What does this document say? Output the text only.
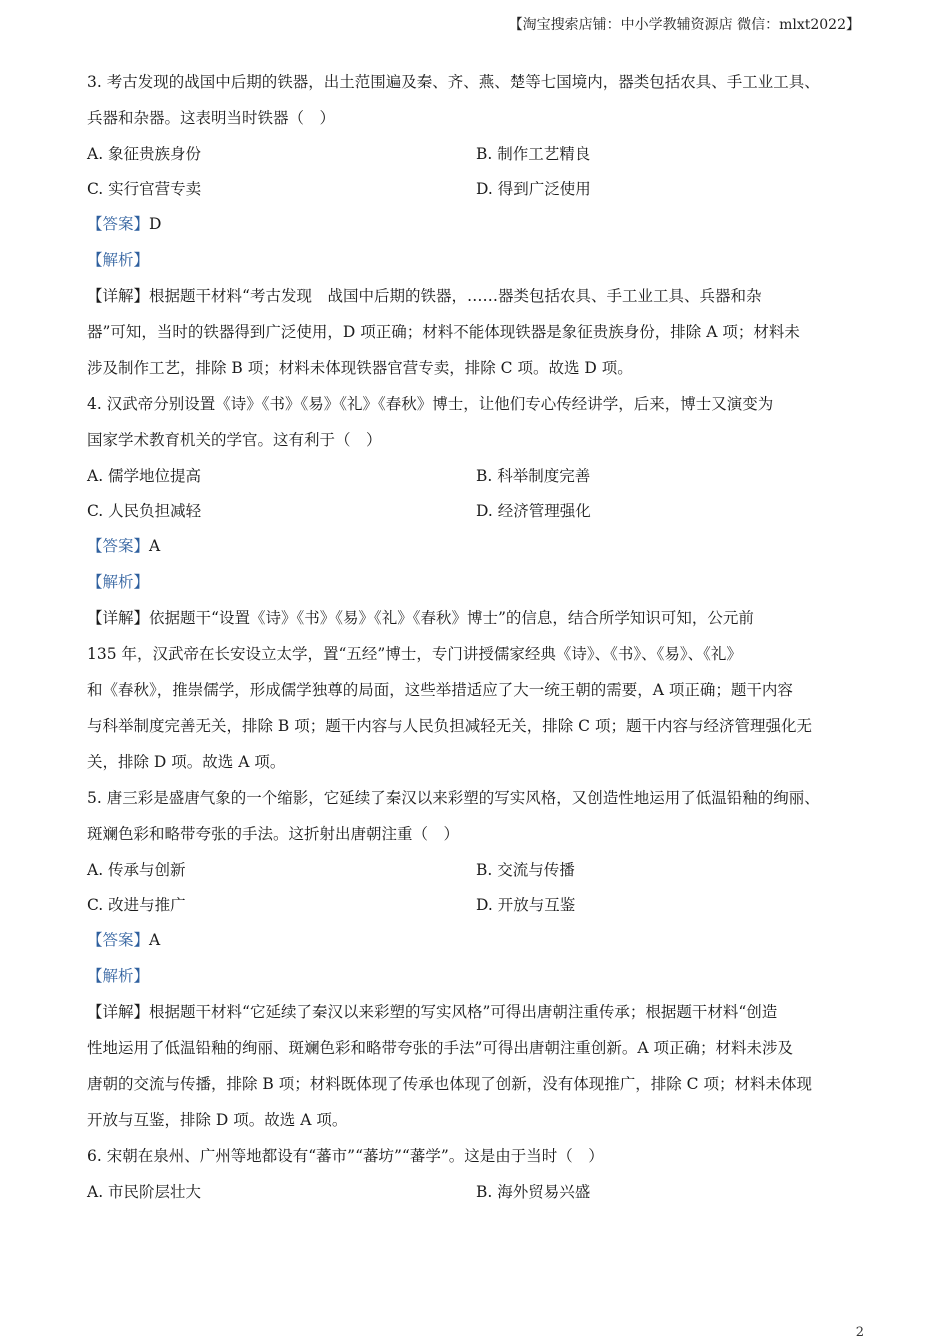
【淘宝搜索店铺：中小学教辅资源店 微信：mlxt2022】

3. 考古发现的战国中后期的铁器，出土范围遍及秦、齐、燕、楚等七国境内，器类包括农具、手工业工具、

兵器和杂器。这表明当时铁器（　）

A. 象征贵族身份	B. 制作工艺精良
C. 实行官营专卖	D. 得到广泛使用

【答案】D

【解析】

【详解】根据题干材料“考古发现　战国中后期的铁器，……器类包括农具、手工业工具、兵器和杂

器”可知，当时的铁器得到广泛使用，D 项正确；材料不能体现铁器是象征贵族身份，排除 A 项；材料未

涉及制作工艺，排除 B 项；材料未体现铁器官营专卖，排除 C 项。故选 D 项。

4. 汉武帝分别设置《诗》《书》《易》《礼》《春秋》博士，让他们专心传经讲学，后来，博士又演变为

国家学术教育机关的学官。这有利于（　）

A. 儒学地位提高	B. 科举制度完善
C. 人民负担减轻	D. 经济管理强化

【答案】A

【解析】

【详解】依据题干“设置《诗》《书》《易》《礼》《春秋》博士”的信息，结合所学知识可知，公元前

135 年，汉武帝在长安设立太学，置“五经”博士，专门讲授儒家经典《诗》、《书》、《易》、《礼》

和《春秋》，推崇儒学，形成儒学独尊的局面，这些举措适应了大一统王朝的需要，A 项正确；题干内容

与科举制度完善无关，排除 B 项；题干内容与人民负担减轻无关，排除 C 项；题干内容与经济管理强化无

关，排除 D 项。故选 A 项。

5. 唐三彩是盛唐气象的一个缩影，它延续了秦汉以来彩塑的写实风格，又创造性地运用了低温铅釉的绚丽、

斑斓色彩和略带夸张的手法。这折射出唐朝注重（　）

A. 传承与创新	B. 交流与传播
C. 改进与推广	D. 开放与互鉴

【答案】A

【解析】

【详解】根据题干材料“它延续了秦汉以来彩塑的写实风格”可得出唐朝注重传承；根据题干材料“创造

性地运用了低温铅釉的绚丽、斑斓色彩和略带夸张的手法”可得出唐朝注重创新。A 项正确；材料未涉及

唐朝的交流与传播，排除 B 项；材料既体现了传承也体现了创新，没有体现推广，排除 C 项；材料未体现

开放与互鉴，排除 D 项。故选 A 项。

6. 宋朝在泉州、广州等地都设有“蕃市”“蕃坊”“蕃学”。这是由于当时（　）

A. 市民阶层壮大	B. 海外贸易兴盛
2
